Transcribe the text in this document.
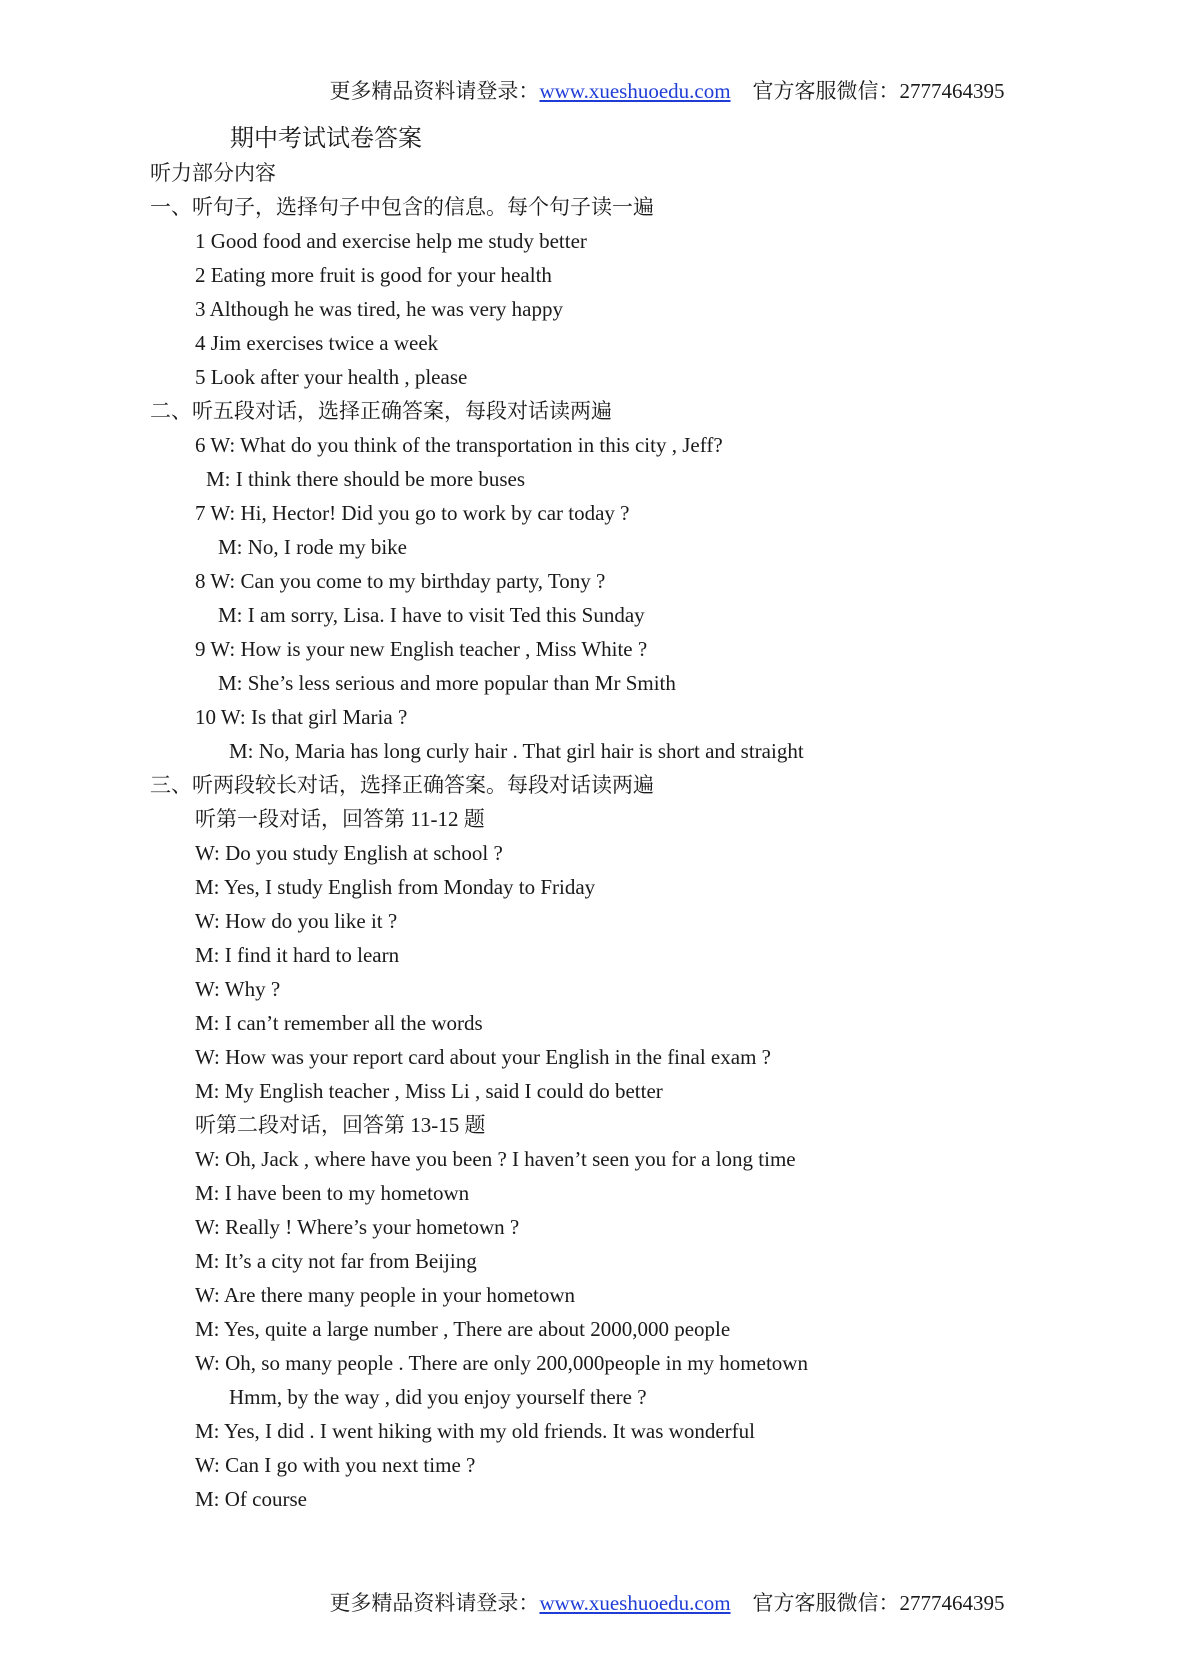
更多精品资料请登录：www.xueshuoedu.com 官方客服微信：2777464395
期中考试试卷答案
听力部分内容
一、听句子，选择句子中包含的信息。每个句子读一遍
1 Good food and exercise help me study better
2 Eating more fruit is good for your health
3 Although he was tired, he was very happy
4 Jim exercises twice a week
5 Look after your health , please
二、听五段对话，选择正确答案，每段对话读两遍
6 W: What do you think of the transportation in this city , Jeff?
M: I think there should be more buses
7 W: Hi, Hector! Did you go to work by car today ?
M: No, I rode my bike
8 W: Can you come to my birthday party, Tony ?
M: I am sorry, Lisa. I have to visit Ted this Sunday
9 W: How is your new English teacher , Miss White ?
M: She’s less serious and more popular than Mr Smith
10 W: Is that girl Maria ?
M: No, Maria has long curly hair . That girl hair is short and straight
三、听两段较长对话，选择正确答案。每段对话读两遍
听第一段对话，回答第 11-12 题
W: Do you study English at school ?
M: Yes, I study English from Monday to Friday
W: How do you like it ?
M: I find it hard to learn
W: Why ?
M: I can’t remember all the words
W: How was your report card about your English in the final exam ?
M: My English teacher , Miss Li , said I could do better
听第二段对话，回答第 13-15 题
W: Oh, Jack , where have you been ? I haven’t seen you for a long time
M: I have been to my hometown
W: Really ! Where’s your hometown ?
M: It’s a city not far from Beijing
W: Are there many people in your hometown
M: Yes, quite a large number , There are about 2000,000 people
W: Oh, so many people . There are only 200,000people in my hometown
Hmm, by the way , did you enjoy yourself there ?
M: Yes, I did . I went hiking with my old friends. It was wonderful
W: Can I go with you next time ?
M: Of course
更多精品资料请登录：www.xueshuoedu.com 官方客服微信：2777464395
